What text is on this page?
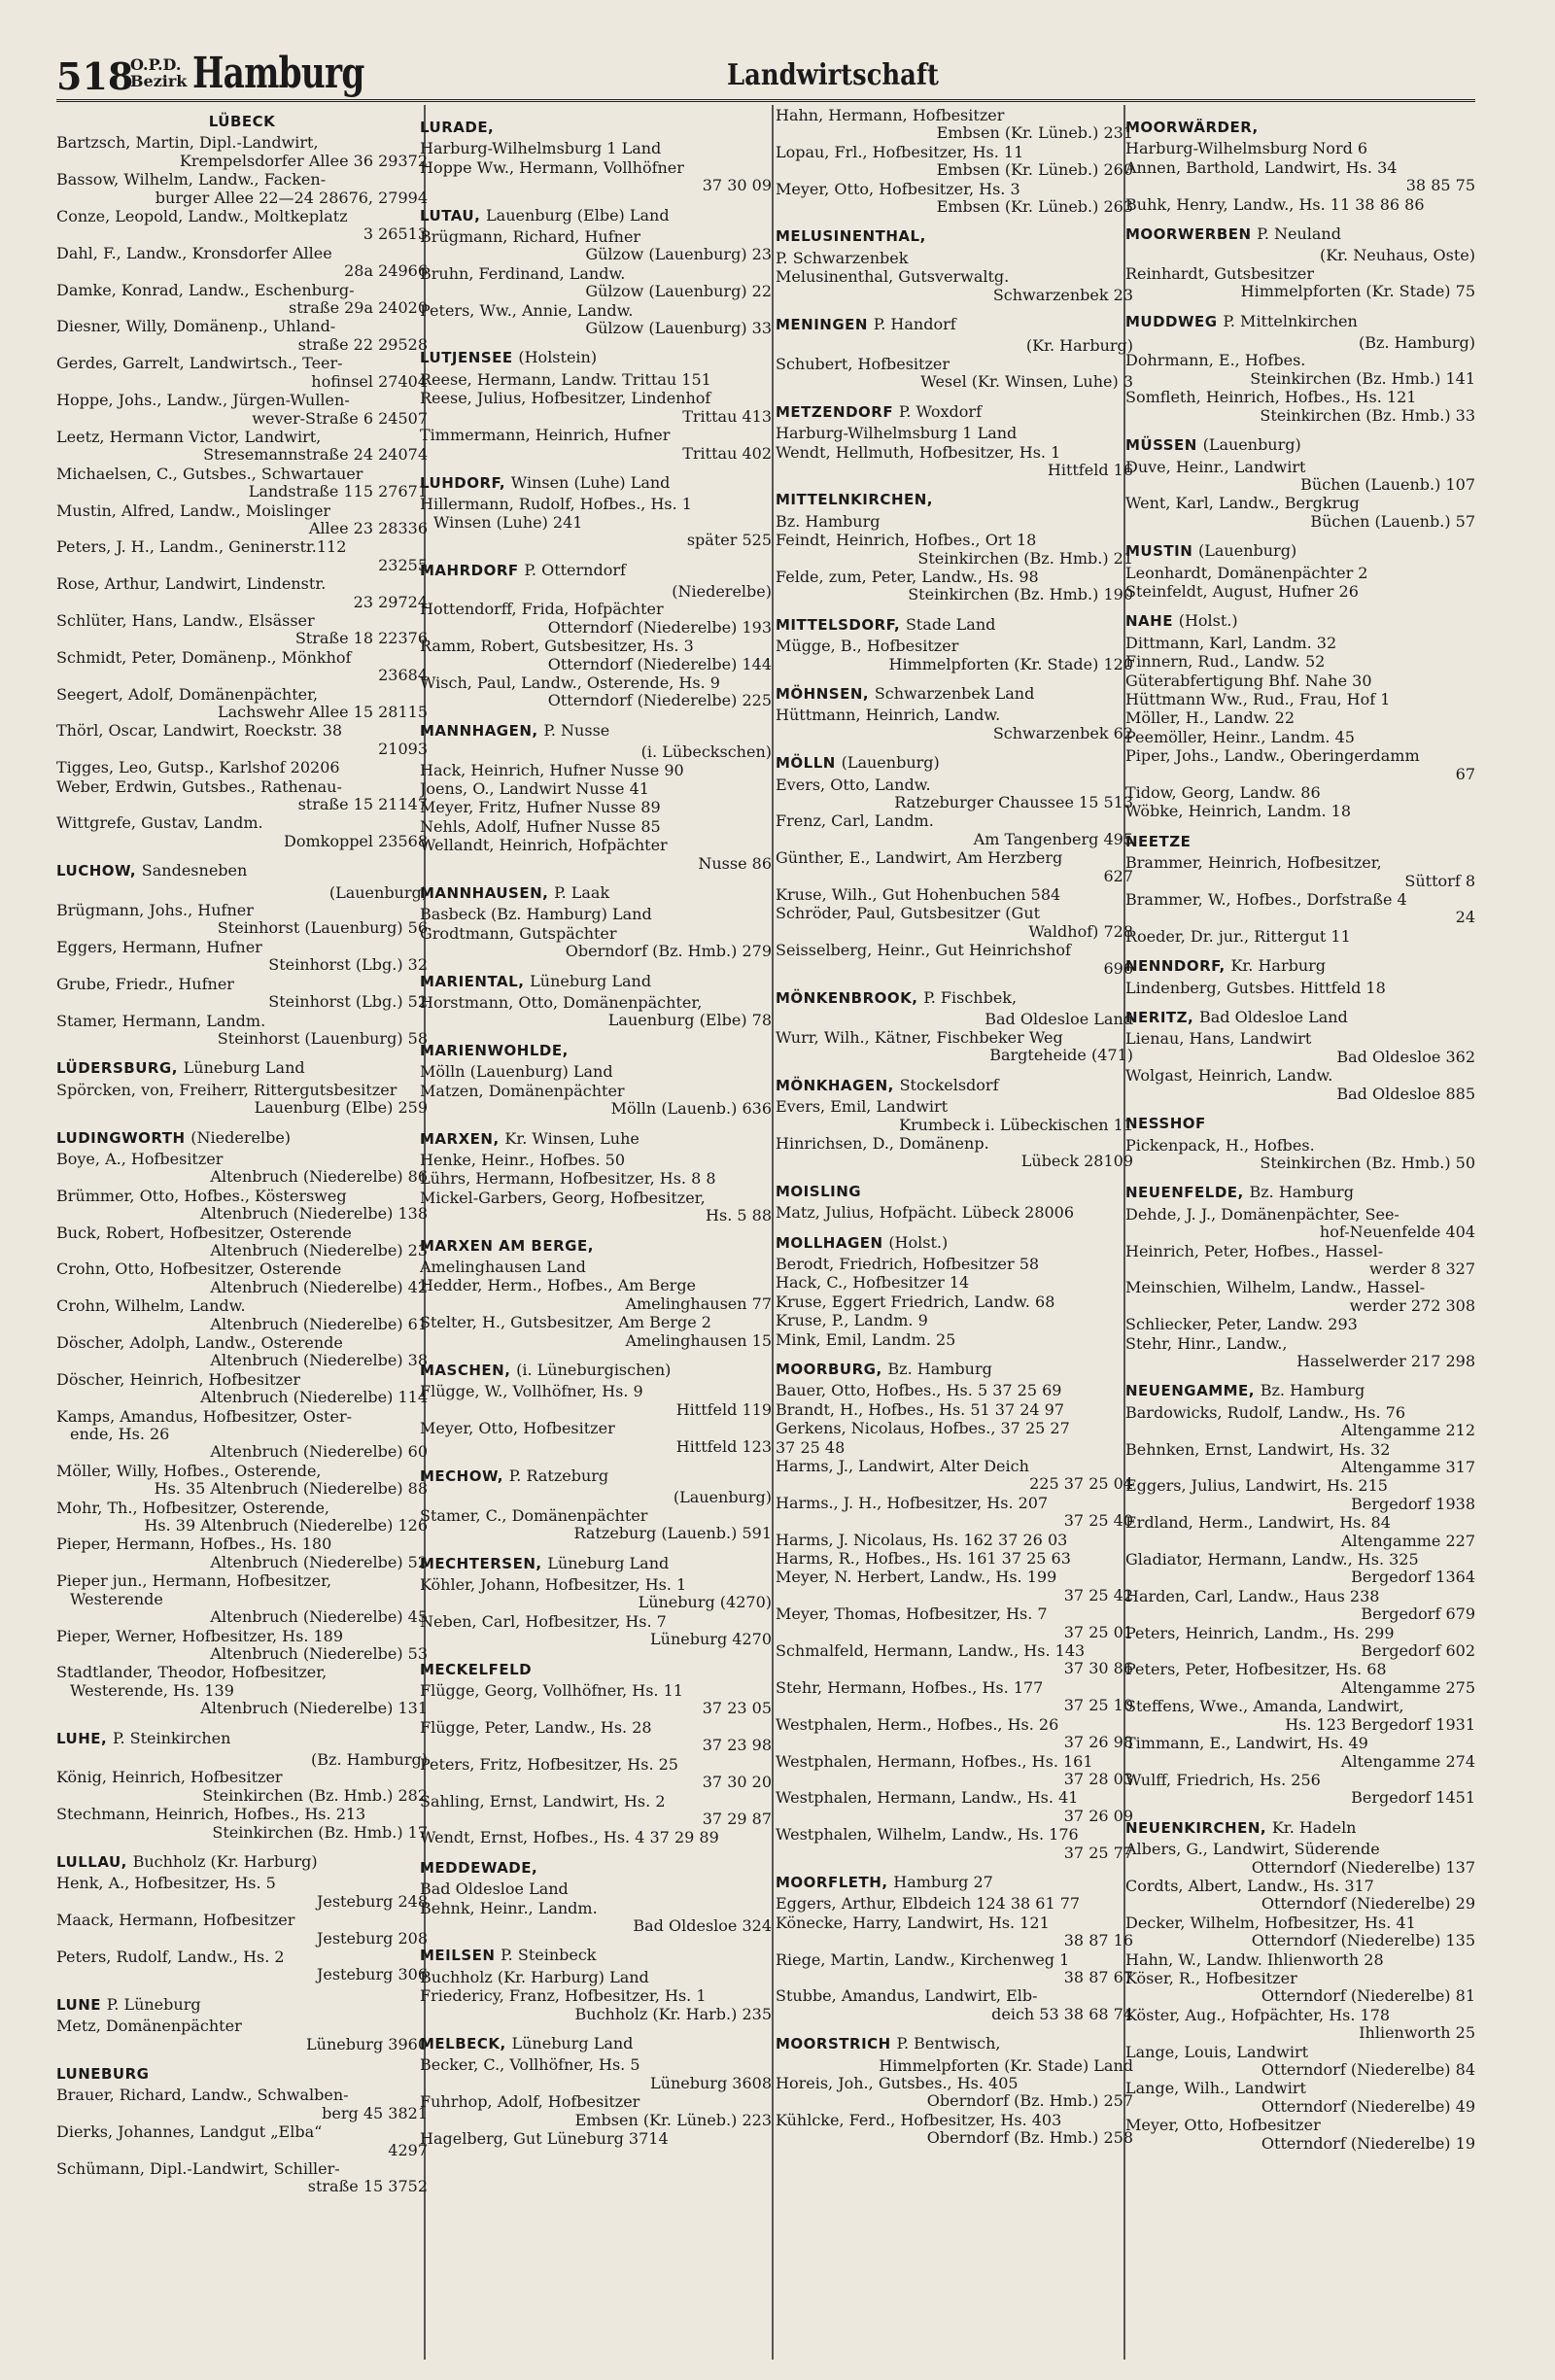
518
O.P.D.
Bezirk Hamburg	Landwirtschaft
LÜBECK
Bartzsch, Martin, Dipl.-Landwirt,
Krempelsdorfer Allee 36 29372
Bassow, Wilhelm, Landw., Facken-
burger Allee 22—24 28676, 27994
Conze, Leopold, Landw., Moltkeplatz
3 26513
Dahl, F., Landw., Kronsdorfer Allee
28a 24966
Damke, Konrad, Landw., Eschenburg-
straße 29a 24020
Diesner, Willy, Domänenp., Uhland-
straße 22 29528
Gerdes, Garrelt, Landwirtsch., Teer-
hofinsel 27404
Hoppe, Johs., Landw., Jürgen-Wullen-
wever-Straße 6 24507
Leetz, Hermann Victor, Landwirt,
Stresemannstraße 24 24074
Michaelsen, C., Gutsbes., Schwartauer
Landstraße 115 27671
Mustin, Alfred, Landw., Moislinger
Allee 23 28336
Peters, J. H., Landm., Geninerstr.112
23255
Rose, Arthur, Landwirt, Lindenstr.
23 29724
Schlüter, Hans, Landw., Elsässer
Straße 18 22376
Schmidt, Peter, Domänenp., Mönkhof
23684
Seegert, Adolf, Domänenpächter,
Lachswehr Allee 15 28115
Thörl, Oscar, Landwirt, Roeckstr. 38
21093
Tigges, Leo, Gutsp., Karlshof 20206
Weber, Erdwin, Gutsbes., Rathenau-
straße 15 21147
Wittgrefe, Gustav, Landm.
Domkoppel 23568
LUCHOW, Sandesneben
(Lauenburg)
Brügmann, Johs., Hufner
Steinhorst (Lauenburg) 56
Eggers, Hermann, Hufner
Steinhorst (Lbg.) 32
Grube, Friedr., Hufner
Steinhorst (Lbg.) 52
Stamer, Hermann, Landm.
Steinhorst (Lauenburg) 58
LÜDERSBURG, Lüneburg Land
Spörcken, von, Freiherr, Rittergutsbesitzer
Lauenburg (Elbe) 259
LUDINGWORTH (Niederelbe)
Boye, A., Hofbesitzer
Altenbruch (Niederelbe) 86
Brümmer, Otto, Hofbes., Köstersweg
Altenbruch (Niederelbe) 138
Buck, Robert, Hofbesitzer, Osterende
Altenbruch (Niederelbe) 23
Crohn, Otto, Hofbesitzer, Osterende
Altenbruch (Niederelbe) 42
Crohn, Wilhelm, Landw.
Altenbruch (Niederelbe) 61
Döscher, Adolph, Landw., Osterende
Altenbruch (Niederelbe) 38
Döscher, Heinrich, Hofbesitzer
Altenbruch (Niederelbe) 114
Kamps, Amandus, Hofbesitzer, Oster-
ende, Hs. 26
Altenbruch (Niederelbe) 60
Möller, Willy, Hofbes., Osterende,
Hs. 35 Altenbruch (Niederelbe) 88
Mohr, Th., Hofbesitzer, Osterende,
Hs. 39 Altenbruch (Niederelbe) 126
Pieper, Hermann, Hofbes., Hs. 180
Altenbruch (Niederelbe) 52
Pieper jun., Hermann, Hofbesitzer,
Westerende
Altenbruch (Niederelbe) 45
Pieper, Werner, Hofbesitzer, Hs. 189
Altenbruch (Niederelbe) 53
Stadtlander, Theodor, Hofbesitzer,
Westerende, Hs. 139
Altenbruch (Niederelbe) 131
LUHE, P. Steinkirchen
(Bz. Hamburg)
König, Heinrich, Hofbesitzer
Steinkirchen (Bz. Hmb.) 282
Stechmann, Heinrich, Hofbes., Hs. 213
Steinkirchen (Bz. Hmb.) 17
LULLAU, Buchholz (Kr. Harburg)
Henk, A., Hofbesitzer, Hs. 5
Jesteburg 248
Maack, Hermann, Hofbesitzer
Jesteburg 208
Peters, Rudolf, Landw., Hs. 2
Jesteburg 306
LUNE P. Lüneburg
Metz, Domänenpächter
Lüneburg 3960
LUNEBURG
Brauer, Richard, Landw., Schwalben-
berg 45 3821
Dierks, Johannes, Landgut „Elba“
4297
Schümann, Dipl.-Landwirt, Schiller-
straße 15 3752
LURADE,
Harburg-Wilhelmsburg 1 Land
Hoppe Ww., Hermann, Vollhöfner
37 30 09
LUTAU, Lauenburg (Elbe) Land
Brügmann, Richard, Hufner
Gülzow (Lauenburg) 23
Bruhn, Ferdinand, Landw.
Gülzow (Lauenburg) 22
Peters, Ww., Annie, Landw.
Gülzow (Lauenburg) 33
LUTJENSEE (Holstein)
Reese, Hermann, Landw. Trittau 151
Reese, Julius, Hofbesitzer, Lindenhof
Trittau 413
Timmermann, Heinrich, Hufner
Trittau 402
LUHDORF, Winsen (Luhe) Land
Hillermann, Rudolf, Hofbes., Hs. 1
Winsen (Luhe) 241
später 525
MAHRDORF P. Otterndorf
(Niederelbe)
Hottendorff, Frida, Hofpächter
Otterndorf (Niederelbe) 193
Ramm, Robert, Gutsbesitzer, Hs. 3
Otterndorf (Niederelbe) 144
Wisch, Paul, Landw., Osterende, Hs. 9
Otterndorf (Niederelbe) 225
MANNHAGEN, P. Nusse
(i. Lübeckschen)
Hack, Heinrich, Hufner Nusse 90
Joens, O., Landwirt Nusse 41
Meyer, Fritz, Hufner Nusse 89
Nehls, Adolf, Hufner Nusse 85
Wellandt, Heinrich, Hofpächter
Nusse 86
MANNHAUSEN, P. Laak
Basbeck (Bz. Hamburg) Land
Grodtmann, Gutspächter
Oberndorf (Bz. Hmb.) 279
MARIENTAL, Lüneburg Land
Horstmann, Otto, Domänenpächter,
Lauenburg (Elbe) 78
MARIENWOHLDE,
Mölln (Lauenburg) Land
Matzen, Domänenpächter
Mölln (Lauenb.) 636
MARXEN, Kr. Winsen, Luhe
Henke, Heinr., Hofbes. 50
Lührs, Hermann, Hofbesitzer, Hs. 8 8
Mickel-Garbers, Georg, Hofbesitzer,
Hs. 5 88
MARXEN AM BERGE,
Amelinghausen Land
Hedder, Herm., Hofbes., Am Berge
Amelinghausen 77
Stelter, H., Gutsbesitzer, Am Berge 2
Amelinghausen 15
MASCHEN, (i. Lüneburgischen)
Flügge, W., Vollhöfner, Hs. 9
Hittfeld 119
Meyer, Otto, Hofbesitzer
Hittfeld 123
MECHOW, P. Ratzeburg
(Lauenburg)
Stamer, C., Domänenpächter
Ratzeburg (Lauenb.) 591
MECHTERSEN, Lüneburg Land
Köhler, Johann, Hofbesitzer, Hs. 1
Lüneburg (4270)
Neben, Carl, Hofbesitzer, Hs. 7
Lüneburg 4270
MECKELFELD
Flügge, Georg, Vollhöfner, Hs. 11
37 23 05
Flügge, Peter, Landw., Hs. 28
37 23 98
Peters, Fritz, Hofbesitzer, Hs. 25
37 30 20
Sahling, Ernst, Landwirt, Hs. 2
37 29 87
Wendt, Ernst, Hofbes., Hs. 4 37 29 89
MEDDEWADE,
Bad Oldesloe Land
Behnk, Heinr., Landm.
Bad Oldesloe 324
MEILSEN P. Steinbeck
Buchholz (Kr. Harburg) Land
Friedericy, Franz, Hofbesitzer, Hs. 1
Buchholz (Kr. Harb.) 235
MELBECK, Lüneburg Land
Becker, C., Vollhöfner, Hs. 5
Lüneburg 3608
Fuhrhop, Adolf, Hofbesitzer
Embsen (Kr. Lüneb.) 223
Hagelberg, Gut Lüneburg 3714
Hahn, Hermann, Hofbesitzer
Embsen (Kr. Lüneb.) 231
Lopau, Frl., Hofbesitzer, Hs. 11
Embsen (Kr. Lüneb.) 260
Meyer, Otto, Hofbesitzer, Hs. 3
Embsen (Kr. Lüneb.) 263
MELUSINENTHAL,
P. Schwarzenbek
Melusinenthal, Gutsverwaltg.
Schwarzenbek 23
MENINGEN P. Handorf
(Kr. Harburg)
Schubert, Hofbesitzer
Wesel (Kr. Winsen, Luhe) 3
METZENDORF P. Woxdorf
Harburg-Wilhelmsburg 1 Land
Wendt, Hellmuth, Hofbesitzer, Hs. 1
Hittfeld 16
MITTELNKIRCHEN,
Bz. Hamburg
Feindt, Heinrich, Hofbes., Ort 18
Steinkirchen (Bz. Hmb.) 21
Felde, zum, Peter, Landw., Hs. 98
Steinkirchen (Bz. Hmb.) 190
MITTELSDORF, Stade Land
Mügge, B., Hofbesitzer
Himmelpforten (Kr. Stade) 120
MÖHNSEN, Schwarzenbek Land
Hüttmann, Heinrich, Landw.
Schwarzenbek 62
MÖLLN (Lauenburg)
Evers, Otto, Landw.
Ratzeburger Chaussee 15 513
Frenz, Carl, Landm.
Am Tangenberg 495
Günther, E., Landwirt, Am Herzberg
627
Kruse, Wilh., Gut Hohenbuchen 584
Schröder, Paul, Gutsbesitzer (Gut
Waldhof) 728
Seisselberg, Heinr., Gut Heinrichshof
696
MÖNKENBROOK, P. Fischbek,
Bad Oldesloe Land
Wurr, Wilh., Kätner, Fischbeker Weg
Bargteheide (471)
MÖNKHAGEN, Stockelsdorf
Evers, Emil, Landwirt
Krumbeck i. Lübeckischen 11
Hinrichsen, D., Domänenp.
Lübeck 28109
MOISLING
Matz, Julius, Hofpächt. Lübeck 28006
MOLLHAGEN (Holst.)
Berodt, Friedrich, Hofbesitzer 58
Hack, C., Hofbesitzer 14
Kruse, Eggert Friedrich, Landw. 68
Kruse, P., Landm. 9
Mink, Emil, Landm. 25
MOORBURG, Bz. Hamburg
Bauer, Otto, Hofbes., Hs. 5 37 25 69
Brandt, H., Hofbes., Hs. 51 37 24 97
Gerkens, Nicolaus, Hofbes., 37 25 27
37 25 48
Harms, J., Landwirt, Alter Deich
225 37 25 04
Harms., J. H., Hofbesitzer, Hs. 207
37 25 40
Harms, J. Nicolaus, Hs. 162 37 26 03
Harms, R., Hofbes., Hs. 161 37 25 63
Meyer, N. Herbert, Landw., Hs. 199
37 25 42
Meyer, Thomas, Hofbesitzer, Hs. 7
37 25 01
Schmalfeld, Hermann, Landw., Hs. 143
37 30 86
Stehr, Hermann, Hofbes., Hs. 177
37 25 10
Westphalen, Herm., Hofbes., Hs. 26
37 26 98
Westphalen, Hermann, Hofbes., Hs. 161
37 28 03
Westphalen, Hermann, Landw., Hs. 41
37 26 09
Westphalen, Wilhelm, Landw., Hs. 176
37 25 77
MOORFLETH, Hamburg 27
Eggers, Arthur, Elbdeich 124 38 61 77
Könecke, Harry, Landwirt, Hs. 121
38 87 16
Riege, Martin, Landw., Kirchenweg 1
38 87 67
Stubbe, Amandus, Landwirt, Elb-
deich 53 38 68 74
MOORSTRICH P. Bentwisch,
Himmelpforten (Kr. Stade) Land
Horeis, Joh., Gutsbes., Hs. 405
Oberndorf (Bz. Hmb.) 257
Kühlcke, Ferd., Hofbesitzer, Hs. 403
Oberndorf (Bz. Hmb.) 258
MOORWÄRDER,
Harburg-Wilhelmsburg Nord 6
Annen, Barthold, Landwirt, Hs. 34
38 85 75
Buhk, Henry, Landw., Hs. 11 38 86 86
MOORWERBEN P. Neuland
(Kr. Neuhaus, Oste)
Reinhardt, Gutsbesitzer
Himmelpforten (Kr. Stade) 75
MUDDWEG P. Mittelnkirchen
(Bz. Hamburg)
Dohrmann, E., Hofbes.
Steinkirchen (Bz. Hmb.) 141
Somfleth, Heinrich, Hofbes., Hs. 121
Steinkirchen (Bz. Hmb.) 33
MÜSSEN (Lauenburg)
Duve, Heinr., Landwirt
Büchen (Lauenb.) 107
Went, Karl, Landw., Bergkrug
Büchen (Lauenb.) 57
MUSTIN (Lauenburg)
Leonhardt, Domänenpächter 2
Steinfeldt, August, Hufner 26
NAHE (Holst.)
Dittmann, Karl, Landm. 32
Finnern, Rud., Landw. 52
Güterabfertigung Bhf. Nahe 30
Hüttmann Ww., Rud., Frau, Hof 1
Möller, H., Landw. 22
Peemöller, Heinr., Landm. 45
Piper, Johs., Landw., Oberingerdamm
67
Tidow, Georg, Landw. 86
Wöbke, Heinrich, Landm. 18
NEETZE
Brammer, Heinrich, Hofbesitzer,
Süttorf 8
Brammer, W., Hofbes., Dorfstraße 4
24
Roeder, Dr. jur., Rittergut 11
NENNDORF, Kr. Harburg
Lindenberg, Gutsbes. Hittfeld 18
NERITZ, Bad Oldesloe Land
Lienau, Hans, Landwirt
Bad Oldesloe 362
Wolgast, Heinrich, Landw.
Bad Oldesloe 885
NESSHOF
Pickenpack, H., Hofbes.
Steinkirchen (Bz. Hmb.) 50
NEUENFELDE, Bz. Hamburg
Dehde, J. J., Domänenpächter, See-
hof-Neuenfelde 404
Heinrich, Peter, Hofbes., Hassel-
werder 8 327
Meinschien, Wilhelm, Landw., Hassel-
werder 272 308
Schliecker, Peter, Landw. 293
Stehr, Hinr., Landw.,
Hasselwerder 217 298
NEUENGAMME, Bz. Hamburg
Bardowicks, Rudolf, Landw., Hs. 76
Altengamme 212
Behnken, Ernst, Landwirt, Hs. 32
Altengamme 317
Eggers, Julius, Landwirt, Hs. 215
Bergedorf 1938
Erdland, Herm., Landwirt, Hs. 84
Altengamme 227
Gladiator, Hermann, Landw., Hs. 325
Bergedorf 1364
Harden, Carl, Landw., Haus 238
Bergedorf 679
Peters, Heinrich, Landm., Hs. 299
Bergedorf 602
Peters, Peter, Hofbesitzer, Hs. 68
Altengamme 275
Steffens, Wwe., Amanda, Landwirt,
Hs. 123 Bergedorf 1931
Timmann, E., Landwirt, Hs. 49
Altengamme 274
Wulff, Friedrich, Hs. 256
Bergedorf 1451
NEUENKIRCHEN, Kr. Hadeln
Albers, G., Landwirt, Süderende
Otterndorf (Niederelbe) 137
Cordts, Albert, Landw., Hs. 317
Otterndorf (Niederelbe) 29
Decker, Wilhelm, Hofbesitzer, Hs. 41
Otterndorf (Niederelbe) 135
Hahn, W., Landw. Ihlienworth 28
Köser, R., Hofbesitzer
Otterndorf (Niederelbe) 81
Köster, Aug., Hofpächter, Hs. 178
Ihlienworth 25
Lange, Louis, Landwirt
Otterndorf (Niederelbe) 84
Lange, Wilh., Landwirt
Otterndorf (Niederelbe) 49
Meyer, Otto, Hofbesitzer
Otterndorf (Niederelbe) 19
